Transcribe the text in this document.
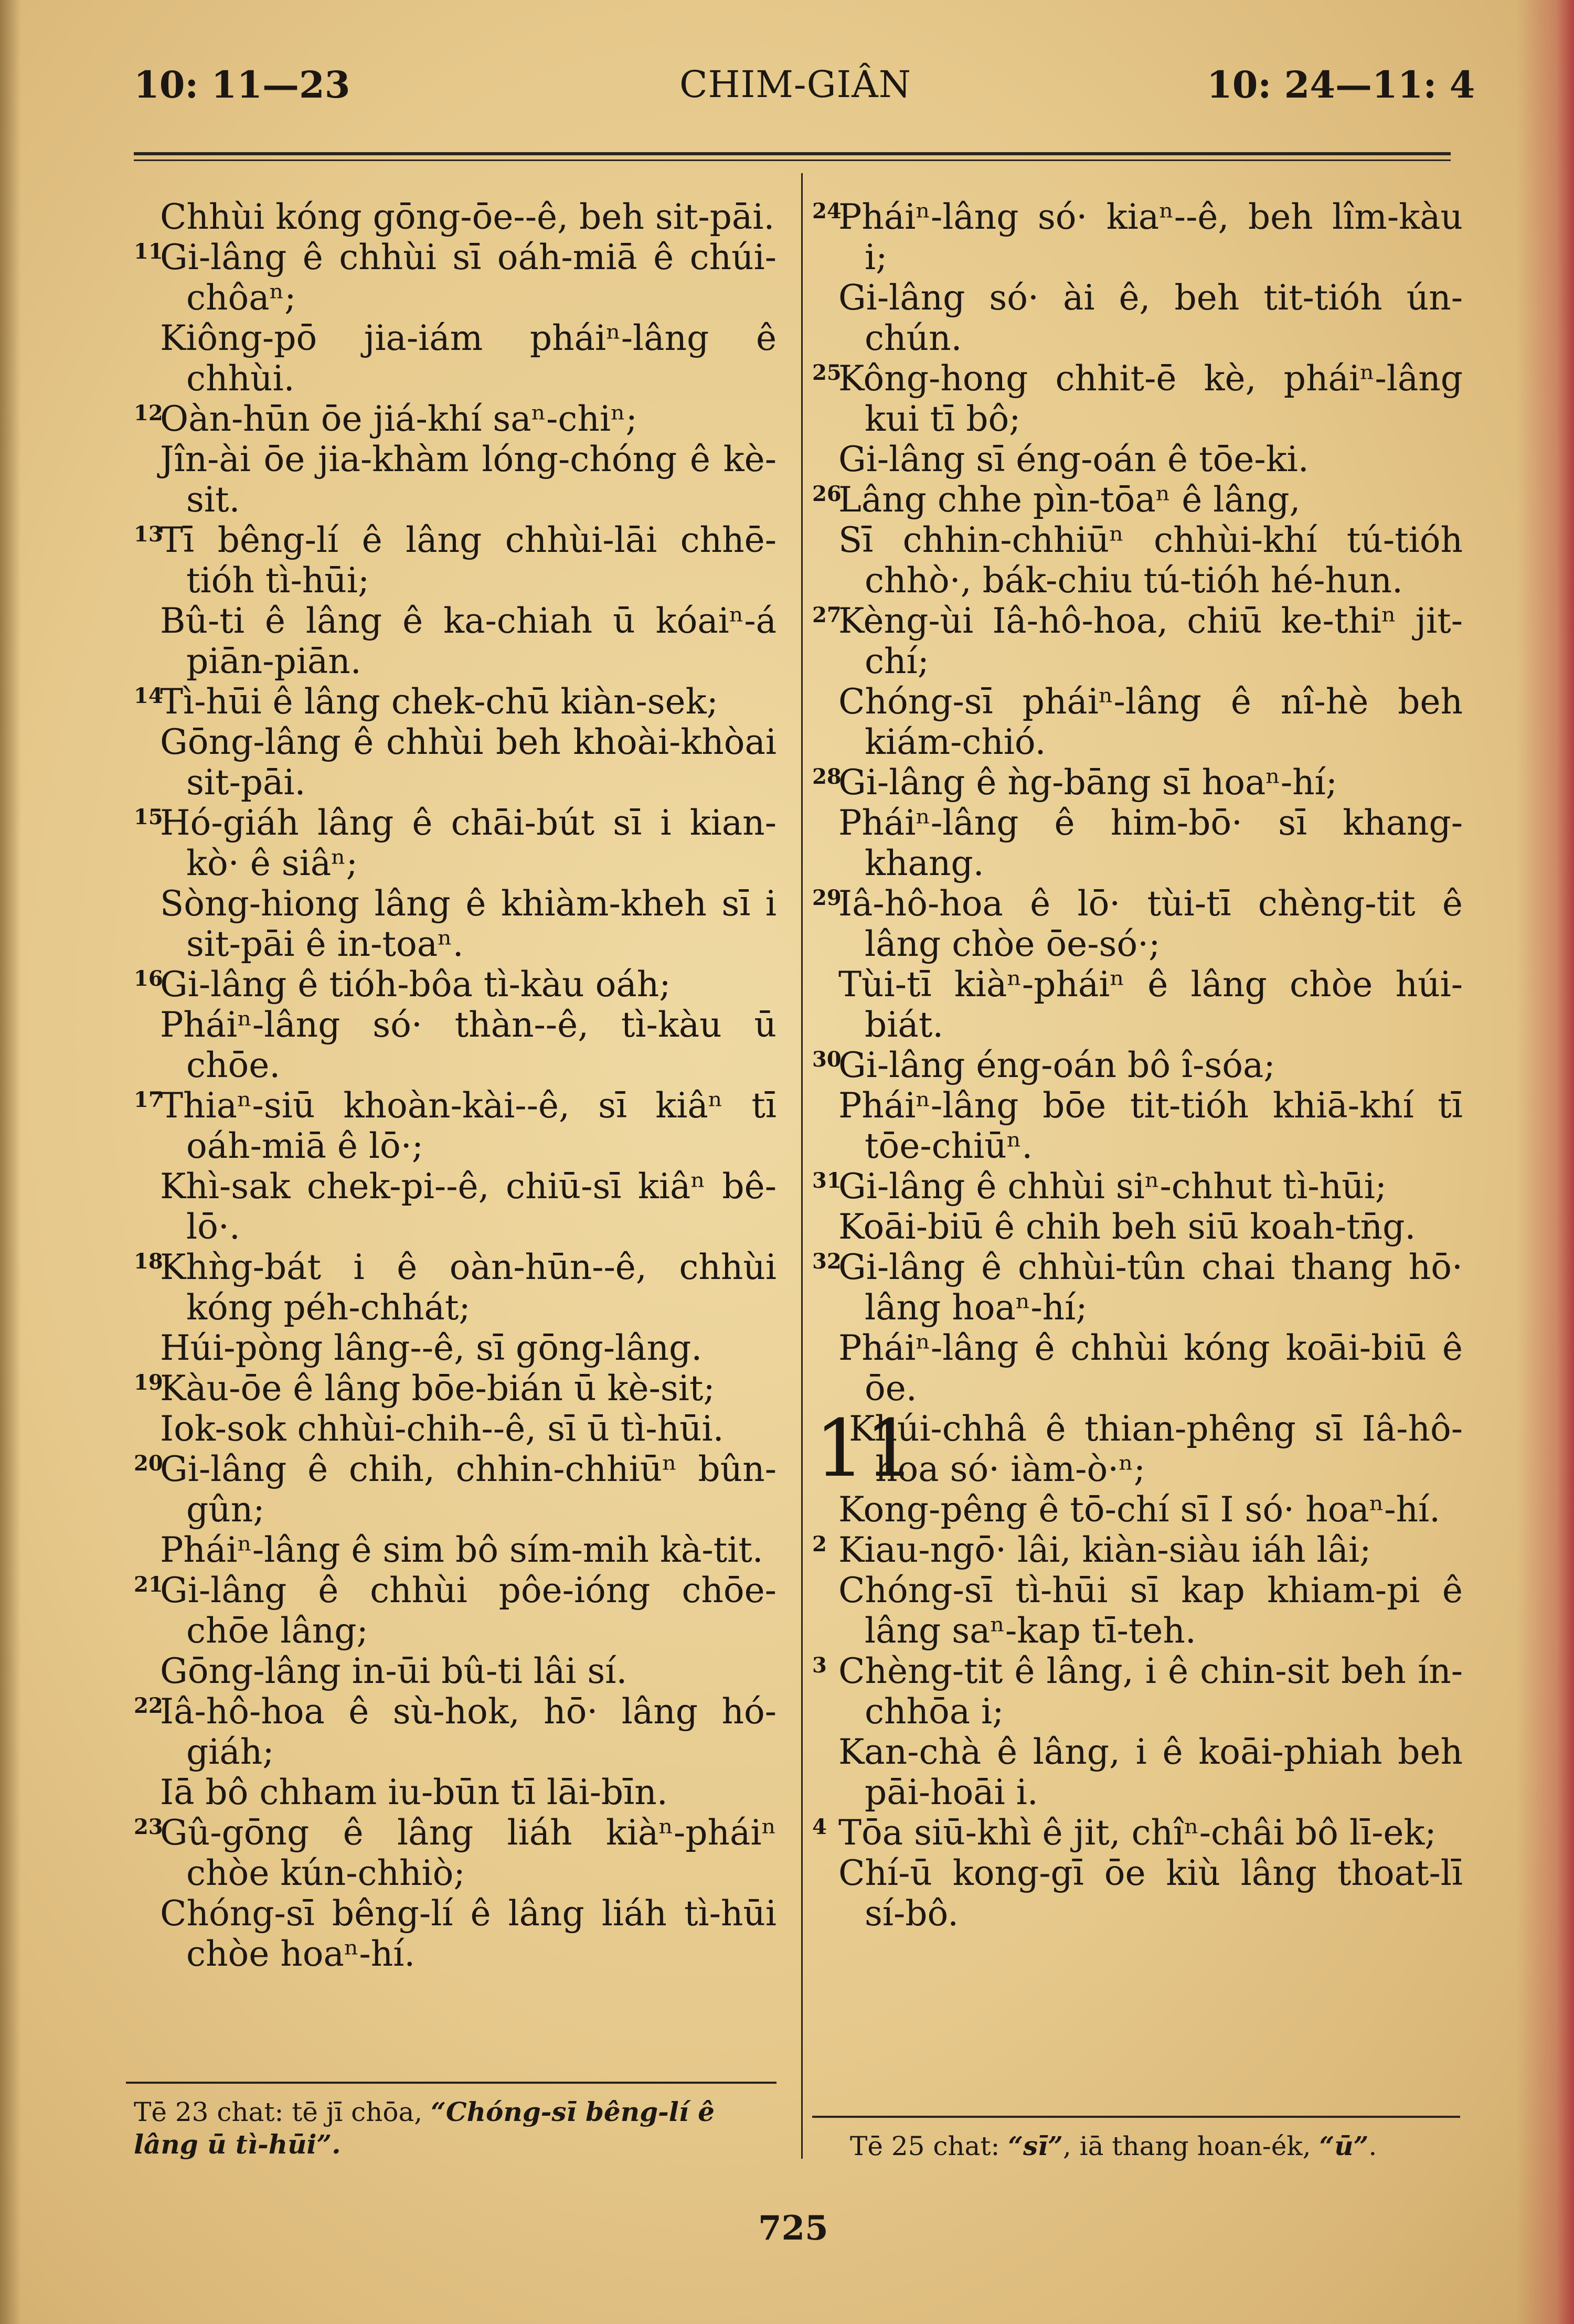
10: 11—23	CHIM-GIÂN	10: 24—11: 4
Chhùi kóng gōng-ōe--ê, beh sit-pāi.
11
Gi-lâng ê chhùi sī oáh-miā ê chúi-chôaⁿ;
Kiông-pō jia-iám pháiⁿ-lâng ê chhùi.
12
Oàn-hūn ōe jiá-khí saⁿ-chiⁿ;
Jîn-ài ōe jia-khàm lóng-chóng ê kè-sit.
13
Tī bêng-lí ê lâng chhùi-lāi chhē-tióh tì-hūi;
Bû-ti ê lâng ê ka-chiah ū kóaiⁿ-á piān-piān.
14
Tì-hūi ê lâng chek-chū kiàn-sek;
Gōng-lâng ê chhùi beh khoài-khòai sit-pāi.
15
Hó-giáh lâng ê chāi-bút sī i kian-kò· ê siâⁿ;
Sòng-hiong lâng ê khiàm-kheh sī i sit-pāi ê in-toaⁿ.
16
Gi-lâng ê tióh-bôa tì-kàu oáh;
Pháiⁿ-lâng só· thàn--ê, tì-kàu ū chōe.
17
Thiaⁿ-siū khoàn-kài--ê, sī kiâⁿ tī oáh-miā ê lō·;
Khì-sak chek-pi--ê, chiū-sī kiâⁿ bê-lō·.
18
Khǹg-bát i ê oàn-hūn--ê, chhùi kóng péh-chhát;
Húi-pòng lâng--ê, sī gōng-lâng.
19
Kàu-ōe ê lâng bōe-bián ū kè-sit;
Iok-sok chhùi-chih--ê, sī ū tì-hūi.
20
Gi-lâng ê chih, chhin-chhiūⁿ bûn-gûn;
Pháiⁿ-lâng ê sim bô sím-mih kà-tit.
21
Gi-lâng ê chhùi pôe-ióng chōe-chōe lâng;
Gōng-lâng in-ūi bû-ti lâi sí.
22
Iâ-hô-hoa ê sù-hok, hō· lâng hó-giáh;
Iā bô chham iu-būn tī lāi-bīn.
23
Gû-gōng ê lâng liáh kiàⁿ-pháiⁿ chòe kún-chhiò;
Chóng-sī bêng-lí ê lâng liáh tì-hūi chòe hoaⁿ-hí.
24
Pháiⁿ-lâng só· kiaⁿ--ê, beh lîm-kàu i;
Gi-lâng só· ài ê, beh tit-tióh ún-chún.
25
Kông-hong chhit-ē kè, pháiⁿ-lâng kui tī bô;
Gi-lâng sī éng-oán ê tōe-ki.
26
Lâng chhe pìn-tōaⁿ ê lâng,
Sī chhin-chhiūⁿ chhùi-khí tú-tióh chhò·, bák-chiu tú-tióh hé-hun.
27
Kèng-ùi Iâ-hô-hoa, chiū ke-thiⁿ jit-chí;
Chóng-sī pháiⁿ-lâng ê nî-hè beh kiám-chió.
28
Gi-lâng ê ǹg-bāng sī hoaⁿ-hí;
Pháiⁿ-lâng ê him-bō· sī khang-khang.
29
Iâ-hô-hoa ê lō· tùi-tī chèng-tit ê lâng chòe ōe-só·;
Tùi-tī kiàⁿ-pháiⁿ ê lâng chòe húi-biát.
30
Gi-lâng éng-oán bô î-sóa;
Pháiⁿ-lâng bōe tit-tióh khiā-khí tī tōe-chiūⁿ.
31
Gi-lâng ê chhùi siⁿ-chhut tì-hūi;
Koāi-biū ê chih beh siū koah-tn̄g.
32
Gi-lâng ê chhùi-tûn chai thang hō· lâng hoaⁿ-hí;
Pháiⁿ-lâng ê chhùi kóng koāi-biū ê ōe.
11
Khúi-chhâ ê thian-phêng sī Iâ-hô-hoa só· iàm-ò·ⁿ;
Kong-pêng ê tō-chí sī I só· hoaⁿ-hí.
2 Kiau-ngō· lâi, kiàn-siàu iáh lâi;
Chóng-sī tì-hūi sī kap khiam-pi ê lâng saⁿ-kap tī-teh.
3 Chèng-tit ê lâng, i ê chin-sit beh ín-chhōa i;
Kan-chà ê lâng, i ê koāi-phiah beh pāi-hoāi i.
4 Tōa siū-khì ê jit, chîⁿ-châi bô lī-ek;
Chí-ū kong-gī ōe kiù lâng thoat-lī sí-bô.
Tē 23 chat: tē jī chōa, “Chóng-sī bêng-lí ê lâng ū tì-hūi”.	Tē 25 chat: “sī”, iā thang hoan-ék, “ū”.
725
